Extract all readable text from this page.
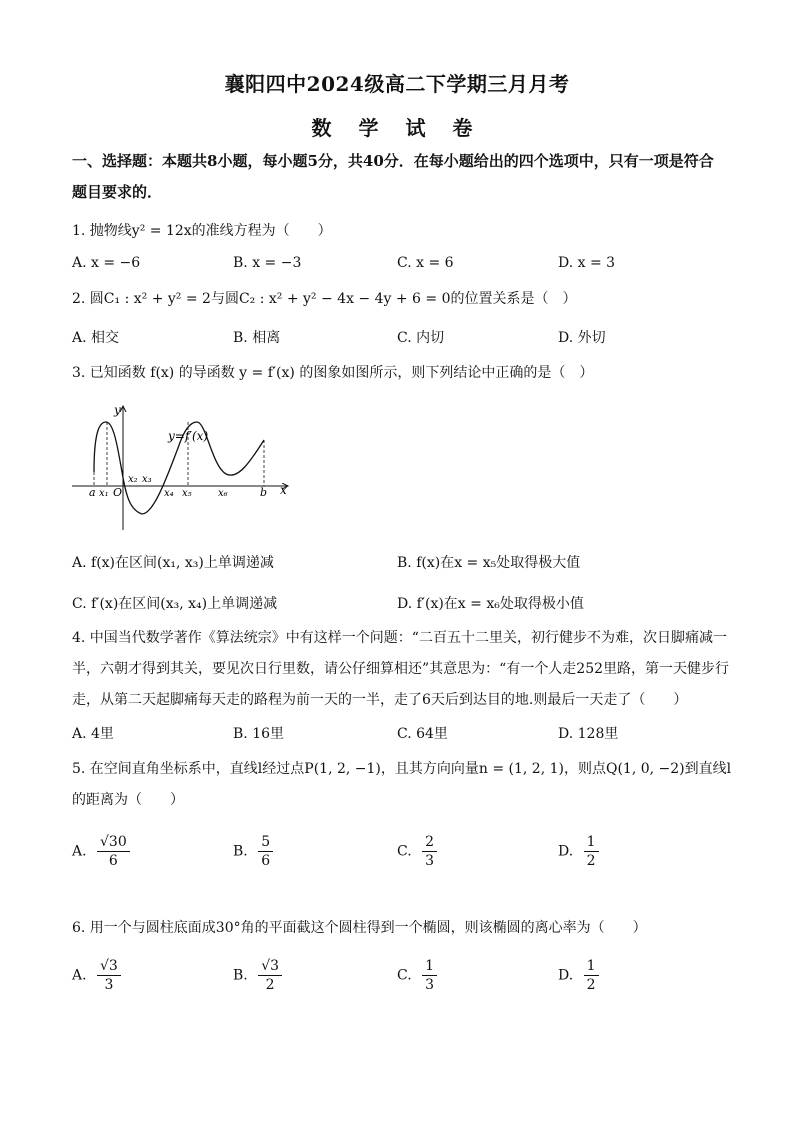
襄阳四中2024级高二下学期三月月考
数 学 试 卷
一、选择题：本题共8小题，每小题5分，共40分．在每小题给出的四个选项中，只有一项是符合题目要求的．
1. 抛物线y² = 12x的准线方程为（　　）
A. x = −6	B. x = −3	C. x = 6	D. x = 3
2. 圆C₁ : x² + y² = 2与圆C₂ : x² + y² − 4x − 4y + 6 = 0的位置关系是（　）
A. 相交	B. 相离	C. 内切	D. 外切
3. 已知函数 f(x) 的导函数 y = f′(x) 的图象如图所示，则下列结论中正确的是（　）
y=f′(x)
x
y
O
a x₁
x₂ x₃
x₄ x₅	x₆	b
A. f(x)在区间(x₁, x₃)上单调递减	B. f(x)在x = x₅处取得极大值
C. f′(x)在区间(x₃, x₄)上单调递减	D. f′(x)在x = x₆处取得极小值
4. 中国当代数学著作《算法统宗》中有这样一个问题：“二百五十二里关，初行健步不为难，次日脚痛减一半，六朝才得到其关，要见次日行里数，请公仔细算相还”其意思为：“有一个人走252里路，第一天健步行走，从第二天起脚痛每天走的路程为前一天的一半，走了6天后到达目的地.则最后一天走了（　　）
A. 4里	B. 16里	C. 64里	D. 128里
5. 在空间直角坐标系中，直线l经过点P(1, 2, −1)，且其方向向量n = (1, 2, 1)，则点Q(1, 0, −2)到直线l的距离为（　　）
A. $\frac{√30}{6}$	B. $\frac{5}{6}$	C. $\frac{2}{3}$	D. $\frac{1}{2}$
6. 用一个与圆柱底面成30°角的平面截这个圆柱得到一个椭圆，则该椭圆的离心率为（　　）
A. $\frac{√3}{3}$	B. $\frac{√3}{2}$	C. $\frac{1}{3}$	D. $\frac{1}{2}$
